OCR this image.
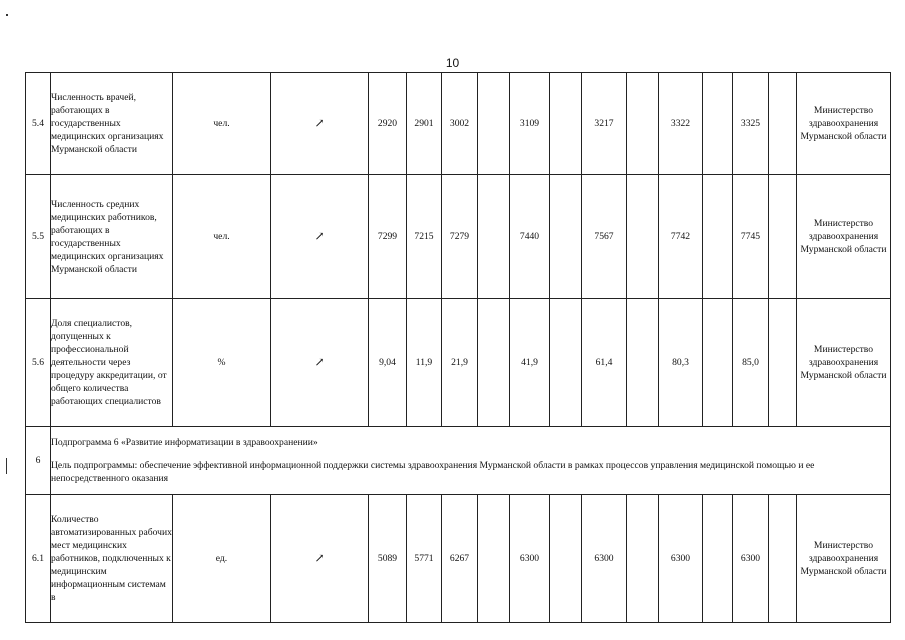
10
5.4	Численность врачей, работающих в государственных медицинских организациях Мурманской области	чел.	↗	2920	2901	3002		3109		3217		3322		3325		Министерство здравоохранения Мурманской области
5.5	Численность средних медицинских работников, работающих в государственных медицинских организациях Мурманской области	чел.	↗	7299	7215	7279		7440		7567		7742		7745		Министерство здравоохранения Мурманской области
5.6	Доля специалистов, допущенных к профессиональной деятельности через процедуру аккредитации, от общего количества работающих специалистов	%	↗	9,04	11,9	21,9		41,9		61,4		80,3		85,0		Министерство здравоохранения Мурманской области
6	Подпрограмма 6 «Развитие информатизации в здравоохранении»
Цель подпрограммы: обеспечение эффективной информационной поддержки системы здравоохранения Мурманской области в рамках процессов управления медицинской помощью и ее непосредственного оказания															

6.1	Количество автоматизированных рабочих мест медицинских работников, подключенных к медицинским информационным системам в	ед.	↗	5089	5771	6267		6300		6300		6300		6300		Министерство здравоохранения Мурманской области
